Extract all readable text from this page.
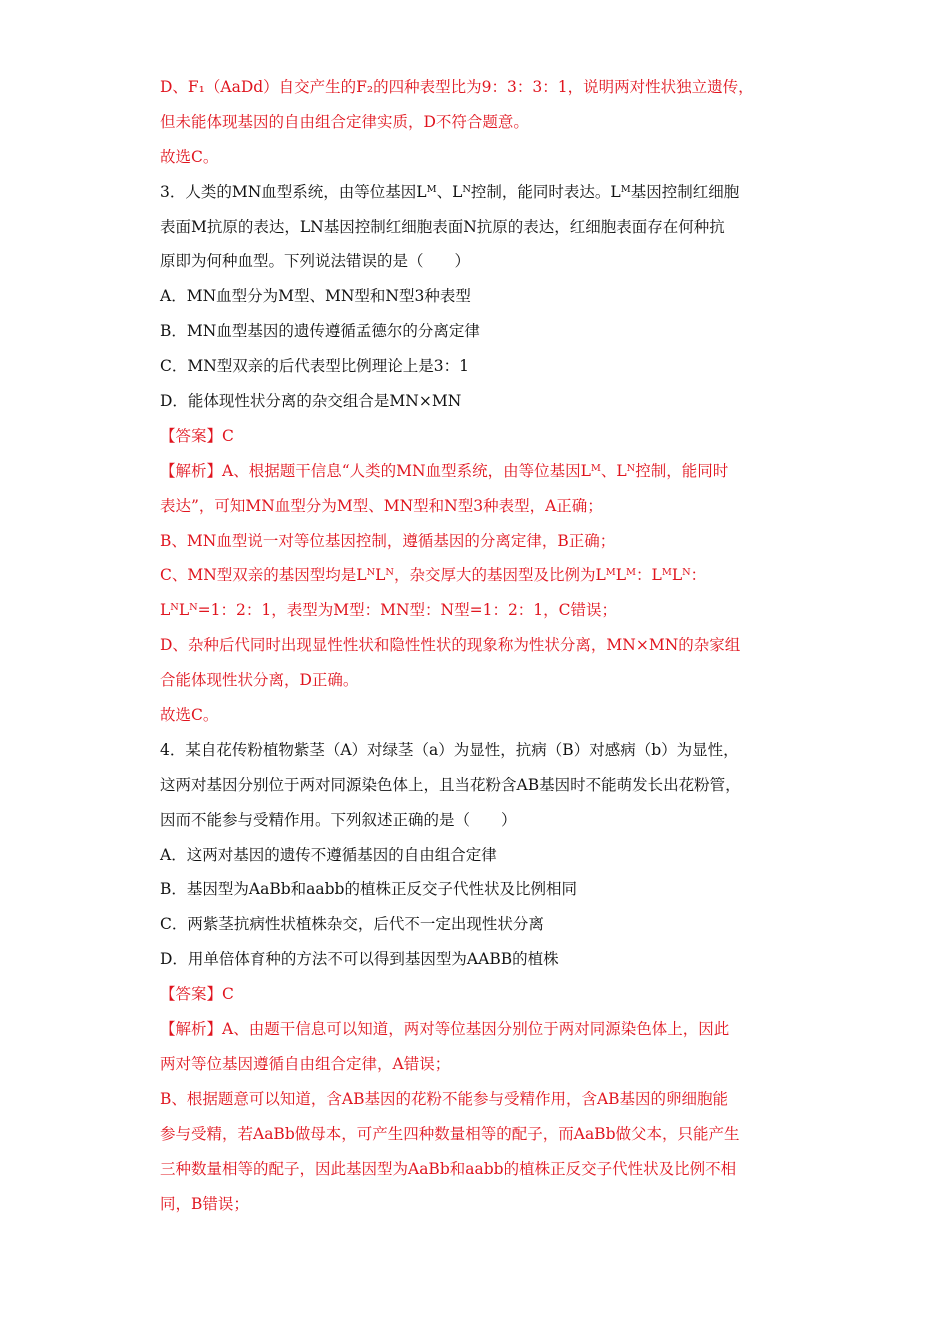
D、F₁（AaDd）自交产生的F₂的四种表型比为9：3：3：1，说明两对性状独立遗传，
但未能体现基因的自由组合定律实质，D不符合题意。
故选C。
3．人类的MN血型系统，由等位基因Lᴹ、Lᴺ控制，能同时表达。Lᴹ基因控制红细胞
表面M抗原的表达，LN基因控制红细胞表面N抗原的表达，红细胞表面存在何种抗
原即为何种血型。下列说法错误的是（　　）
A．MN血型分为M型、MN型和N型3种表型
B．MN血型基因的遗传遵循孟德尔的分离定律
C．MN型双亲的后代表型比例理论上是3：1
D．能体现性状分离的杂交组合是MN×MN
【答案】C
【解析】A、根据题干信息“人类的MN血型系统，由等位基因Lᴹ、Lᴺ控制，能同时
表达”，可知MN血型分为M型、MN型和N型3种表型，A正确；
B、MN血型说一对等位基因控制，遵循基因的分离定律，B正确；
C、MN型双亲的基因型均是LᴺLᴺ，杂交厚大的基因型及比例为LᴹLᴹ：LᴹLᴺ：
LᴺLᴺ=1：2：1，表型为M型：MN型：N型=1：2：1，C错误；
D、杂种后代同时出现显性性状和隐性性状的现象称为性状分离，MN×MN的杂家组
合能体现性状分离，D正确。
故选C。
4．某自花传粉植物紫茎（A）对绿茎（a）为显性，抗病（B）对感病（b）为显性，
这两对基因分别位于两对同源染色体上，且当花粉含AB基因时不能萌发长出花粉管，
因而不能参与受精作用。下列叙述正确的是（　　）
A．这两对基因的遗传不遵循基因的自由组合定律
B．基因型为AaBb和aabb的植株正反交子代性状及比例相同
C．两紫茎抗病性状植株杂交，后代不一定出现性状分离
D．用单倍体育种的方法不可以得到基因型为AABB的植株
【答案】C
【解析】A、由题干信息可以知道，两对等位基因分别位于两对同源染色体上，因此
两对等位基因遵循自由组合定律，A错误；
B、根据题意可以知道，含AB基因的花粉不能参与受精作用，含AB基因的卵细胞能
参与受精，若AaBb做母本，可产生四种数量相等的配子，而AaBb做父本，只能产生
三种数量相等的配子，因此基因型为AaBb和aabb的植株正反交子代性状及比例不相
同，B错误；
